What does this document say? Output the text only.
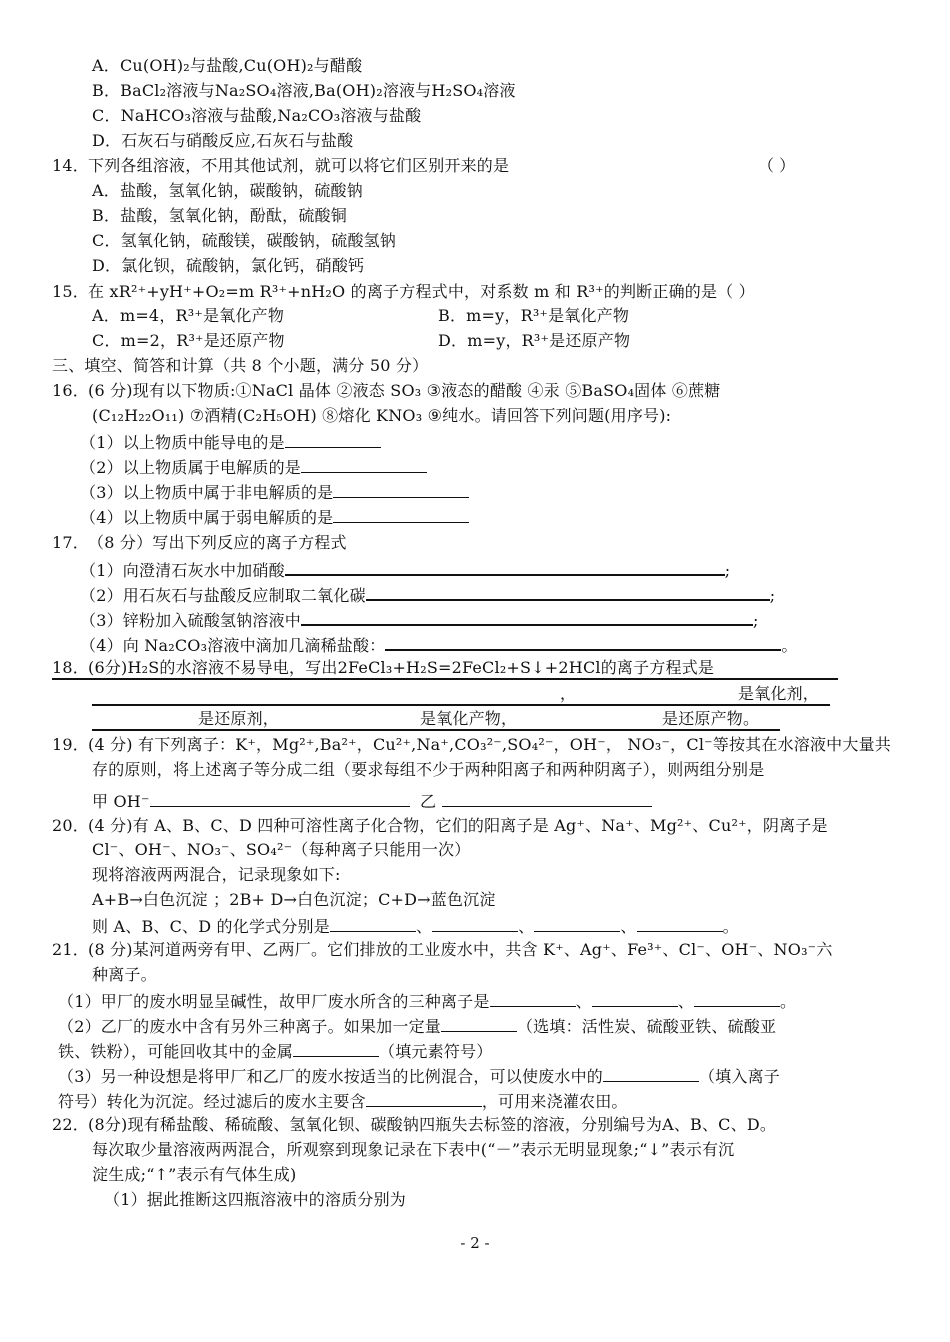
A．Cu(OH)₂与盐酸,Cu(OH)₂与醋酸
B．BaCl₂溶液与Na₂SO₄溶液,Ba(OH)₂溶液与H₂SO₄溶液
C．NaHCO₃溶液与盐酸,Na₂CO₃溶液与盐酸
D．石灰石与硝酸反应,石灰石与盐酸
14．下列各组溶液，不用其他试剂，就可以将它们区别开来的是	（ ）
A．盐酸，氢氧化钠，碳酸钠，硫酸钠
B．盐酸，氢氧化钠，酚酞，硫酸铜
C．氢氧化钠，硫酸镁，碳酸钠，硫酸氢钠
D．氯化钡，硫酸钠，氯化钙，硝酸钙
15．在 xR²⁺+yH⁺+O₂=m R³⁺+nH₂O 的离子方程式中，对系数 m 和 R³⁺的判断正确的是（ ）
A．m=4，R³⁺是氧化产物	B．m=y，R³⁺是氧化产物
C．m=2，R³⁺是还原产物	D．m=y，R³⁺是还原产物
三、填空、简答和计算（共 8 个小题，满分 50 分）
16．(6 分)现有以下物质:①NaCl 晶体 ②液态 SO₃ ③液态的醋酸 ④汞 ⑤BaSO₄固体 ⑥蔗糖
(C₁₂H₂₂O₁₁) ⑦酒精(C₂H₅OH) ⑧熔化 KNO₃ ⑨纯水。请回答下列问题(用序号):
（1）以上物质中能导电的是
（2）以上物质属于电解质的是
（3）以上物质中属于非电解质的是
（4）以上物质中属于弱电解质的是
17．（8 分）写出下列反应的离子方程式
（1）向澄清石灰水中加硝酸	;
（2）用石灰石与盐酸反应制取二氧化碳	;
（3）锌粉加入硫酸氢钠溶液中	;
（4）向 Na₂CO₃溶液中滴加几滴稀盐酸：	。
18．(6分)H₂S的水溶液不易导电，写出2FeCl₃+H₂S=2FeCl₂+S↓+2HCl的离子方程式是
，	是氧化剂，
是还原剂，	是氧化产物，	是还原产物。
19．(4 分) 有下列离子：K⁺，Mg²⁺,Ba²⁺，Cu²⁺,Na⁺,CO₃²⁻,SO₄²⁻，OH⁻， NO₃⁻，Cl⁻等按其在水溶液中大量共
存的原则，将上述离子等分成二组（要求每组不少于两种阳离子和两种阴离子），则两组分别是
甲 OH⁻	乙
20．(4 分)有 A、B、C、D 四种可溶性离子化合物，它们的阳离子是 Ag⁺、Na⁺、Mg²⁺、Cu²⁺，阴离子是
Cl⁻、OH⁻、NO₃⁻、SO₄²⁻（每种离子只能用一次）
现将溶液两两混合，记录现象如下:
A+B→白色沉淀 ；2B+ D→白色沉淀；C+D→蓝色沉淀
则 A、B、C、D 的化学式分别是	、	、	、	。
21．(8 分)某河道两旁有甲、乙两厂。它们排放的工业废水中，共含 K⁺、Ag⁺、Fe³⁺、Cl⁻、OH⁻、NO₃⁻六
种离子。
（1）甲厂的废水明显呈碱性，故甲厂废水所含的三种离子是	、	、	。
（2）乙厂的废水中含有另外三种离子。如果加一定量	（选填：活性炭、硫酸亚铁、硫酸亚
铁、铁粉），可能回收其中的金属	（填元素符号）
（3）另一种设想是将甲厂和乙厂的废水按适当的比例混合，可以使废水中的	（填入离子
符号）转化为沉淀。经过滤后的废水主要含	，可用来浇灌农田。
22．(8分)现有稀盐酸、稀硫酸、氢氧化钡、碳酸钠四瓶失去标签的溶液，分别编号为A、B、C、D。
每次取少量溶液两两混合，所观察到现象记录在下表中(“－”表示无明显现象;“↓”表示有沉
淀生成;“↑”表示有气体生成)
（1）据此推断这四瓶溶液中的溶质分别为
- 2 -
